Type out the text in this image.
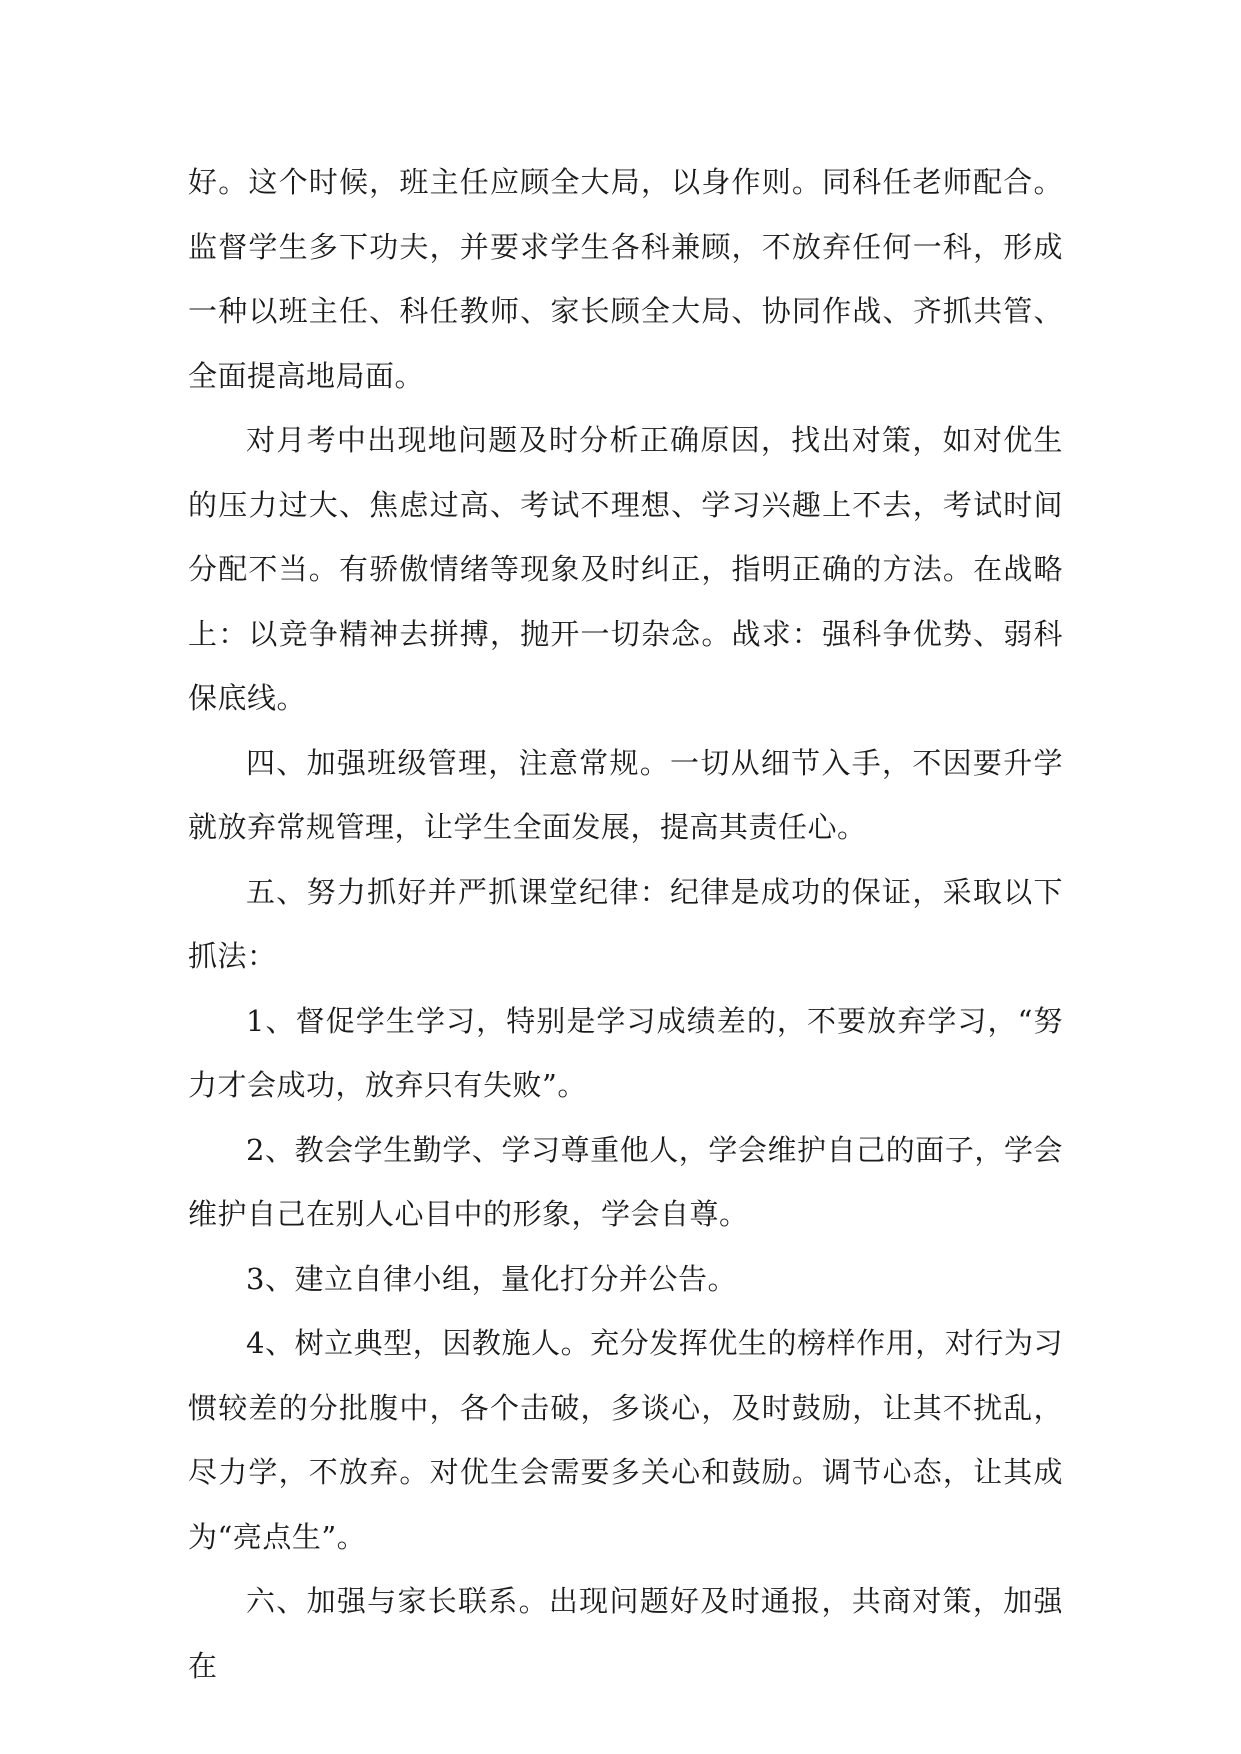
好。这个时候，班主任应顾全大局，以身作则。同科任老师配合。监督学生多下功夫，并要求学生各科兼顾，不放弃任何一科，形成一种以班主任、科任教师、家长顾全大局、协同作战、齐抓共管、全面提高地局面。

对月考中出现地问题及时分析正确原因，找出对策，如对优生的压力过大、焦虑过高、考试不理想、学习兴趣上不去，考试时间分配不当。有骄傲情绪等现象及时纠正，指明正确的方法。在战略上：以竞争精神去拼搏，抛开一切杂念。战求：强科争优势、弱科保底线。

四、加强班级管理，注意常规。一切从细节入手，不因要升学就放弃常规管理，让学生全面发展，提高其责任心。

五、努力抓好并严抓课堂纪律：纪律是成功的保证，采取以下抓法：

1、督促学生学习，特别是学习成绩差的，不要放弃学习，“努力才会成功，放弃只有失败”。

2、教会学生勤学、学习尊重他人，学会维护自己的面子，学会维护自己在别人心目中的形象，学会自尊。

3、建立自律小组，量化打分并公告。

4、树立典型，因教施人。充分发挥优生的榜样作用，对行为习惯较差的分批腹中，各个击破，多谈心，及时鼓励，让其不扰乱，尽力学，不放弃。对优生会需要多关心和鼓励。调节心态，让其成为“亮点生”。

六、加强与家长联系。出现问题好及时通报，共商对策，加强在
